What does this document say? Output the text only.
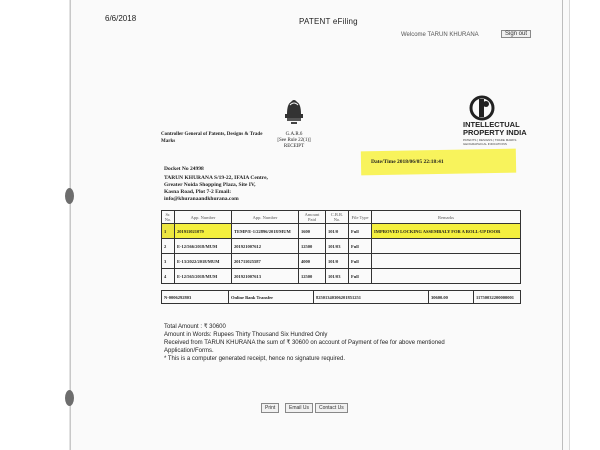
6/6/2018	PATENT eFiling
Welcome TARUN KHURANA	Sign out
G.A.R.6
[See Rule 22(1)]
RECEIPT
Controller General of Patents, Designs & Trade Marks
INTELLECTUAL
PROPERTY INDIA
PATENTS | DESIGNS | TRADE MARKS GEOGRAPHICAL INDICATIONS
Date/Time 2018/06/05 22:18:41
Docket No 24998
TARUN KHURANA S/19-22, IFAIA Centre,
Greater Noida Shopping Plaza, Site IV,
Kasna Road, Plot 7-2 Email:
info@khuranaandkhurana.com
Sr. No.	App. Number	App. Number	Amount Paid	C.B.R. No.	File Type	Remarks
1	201911021079	TEMP/E-1/22896/2018/MUM	1600	101/0	Full	IMPROVED LOCKING ASSEMBALY FOR A ROLL-UP DOOR
2	E-12/566/2018/MUM	201921007612	12500	101/03	Full	
3	E-13/2022/2018/MUM	201711025587	4000	101/0	Full	
4	E-12/565/2018/MUM	201921007613	12500	101/03	Full	
N-0006292803	Online Bank Transfer	82501340306201851251	30600.00	11750032200000001

Total Amount : ₹ 30600

Amount in Words: Rupees Thirty Thousand Six Hundred Only

Received from TARUN KHURANA the sum of ₹ 30600 on account of Payment of fee for above mentioned Application/Forms.

* This is a computer generated receipt, hence no signature required.

Print	Email Us	Contact Us
